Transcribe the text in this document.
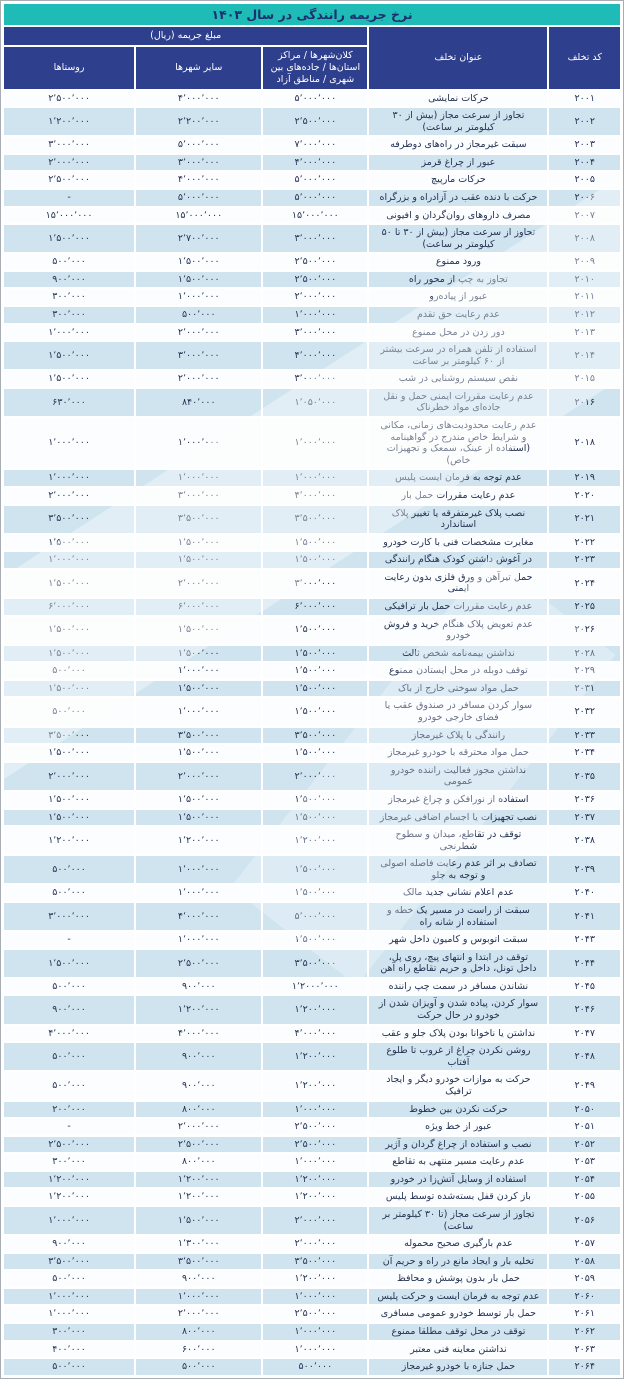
نرخ جریمه رانندگی در سال ۱۴۰۳				
کد تخلف	عنوان تخلف	مبلغ جریمه (ریال)		
		کلان‌شهرها / مراکز استان‌ها / جاده‌های بین شهری / مناطق آزاد	سایر شهرها	روستاها
۲۰۰۱	حرکات نمایشی	۵٬۰۰۰٬۰۰۰	۴٬۰۰۰٬۰۰۰	۲٬۵۰۰٬۰۰۰
۲۰۰۲	تجاوز از سرعت مجاز (بیش از ۳۰ کیلومتر بر ساعت)	۲٬۵۰۰٬۰۰۰	۲٬۲۰۰٬۰۰۰	۱٬۲۰۰٬۰۰۰
۲۰۰۳	سبقت غیرمجاز در راه‌های دوطرفه	۷٬۰۰۰٬۰۰۰	۵٬۰۰۰٬۰۰۰	۳٬۰۰۰٬۰۰۰
۲۰۰۴	عبور از چراغ قرمز	۴٬۰۰۰٬۰۰۰	۳٬۰۰۰٬۰۰۰	۲٬۰۰۰٬۰۰۰
۲۰۰۵	حرکات مارپیچ	۵٬۰۰۰٬۰۰۰	۴٬۰۰۰٬۰۰۰	۲٬۵۰۰٬۰۰۰
۲۰۰۶	حرکت با دنده عقب در آزادراه و بزرگراه	۵٬۰۰۰٬۰۰۰	۵٬۰۰۰٬۰۰۰	-
۲۰۰۷	مصرف داروهای روان‌گردان و افیونی	۱۵٬۰۰۰٬۰۰۰	۱۵٬۰۰۰٬۰۰۰	۱۵٬۰۰۰٬۰۰۰
۲۰۰۸	تجاوز از سرعت مجاز (بیش از ۳۰ تا ۵۰ کیلومتر بر ساعت)	۳٬۰۰۰٬۰۰۰	۲٬۷۰۰٬۰۰۰	۱٬۵۰۰٬۰۰۰
۲۰۰۹	ورود ممنوع	۲٬۵۰۰٬۰۰۰	۱٬۵۰۰٬۰۰۰	۵۰۰٬۰۰۰
۲۰۱۰	تجاوز به چپ از محور راه	۲٬۵۰۰٬۰۰۰	۱٬۵۰۰٬۰۰۰	۹۰۰٬۰۰۰
۲۰۱۱	عبور از پیاده‌رو	۲٬۰۰۰٬۰۰۰	۱٬۰۰۰٬۰۰۰	۳۰۰٬۰۰۰
۲۰۱۲	عدم رعایت حق تقدم	۱٬۰۰۰٬۰۰۰	۵۰۰٬۰۰۰	۳۰۰٬۰۰۰
۲۰۱۳	دور زدن در محل ممنوع	۳٬۰۰۰٬۰۰۰	۲٬۰۰۰٬۰۰۰	۱٬۰۰۰٬۰۰۰
۲۰۱۴	استفاده از تلفن همراه در سرعت بیشتر از ۶۰ کیلومتر بر ساعت	۴٬۰۰۰٬۰۰۰	۳٬۰۰۰٬۰۰۰	۱٬۵۰۰٬۰۰۰
۲۰۱۵	نقص سیستم روشنایی در شب	۳٬۰۰۰٬۰۰۰	۲٬۰۰۰٬۰۰۰	۱٬۵۰۰٬۰۰۰
۲۰۱۶	عدم رعایت مقررات ایمنی حمل و نقل جاده‌ای مواد خطرناک	۱٬۰۵۰٬۰۰۰	۸۴۰٬۰۰۰	۶۳۰٬۰۰۰
۲۰۱۸	عدم رعایت محدودیت‌های زمانی، مکانی و شرایط خاص مندرج در گواهینامه (استفاده از عینک، سمعک و تجهیزات خاص)	۱٬۰۰۰٬۰۰۰	۱٬۰۰۰٬۰۰۰	۱٬۰۰۰٬۰۰۰
۲۰۱۹	عدم توجه به فرمان ایست پلیس	۱٬۰۰۰٬۰۰۰	۱٬۰۰۰٬۰۰۰	۱٬۰۰۰٬۰۰۰
۲۰۲۰	عدم رعایت مقررات حمل بار	۴٬۰۰۰٬۰۰۰	۳٬۰۰۰٬۰۰۰	۲٬۰۰۰٬۰۰۰
۲۰۲۱	نصب پلاک غیرمتفرقه یا تغییر پلاک استاندارد	۳٬۵۰۰٬۰۰۰	۳٬۵۰۰٬۰۰۰	۳٬۵۰۰٬۰۰۰
۲۰۲۲	مغایرت مشخصات فنی با کارت خودرو	۱٬۵۰۰٬۰۰۰	۱٬۵۰۰٬۰۰۰	۱٬۵۰۰٬۰۰۰
۲۰۲۳	در آغوش داشتن کودک هنگام رانندگی	۱٬۵۰۰٬۰۰۰	۱٬۵۰۰٬۰۰۰	۱٬۰۰۰٬۰۰۰
۲۰۲۴	حمل تیرآهن و ورق فلزی بدون رعایت ایمنی	۳٬۰۰۰٬۰۰۰	۲٬۰۰۰٬۰۰۰	۱٬۵۰۰٬۰۰۰
۲۰۲۵	عدم رعایت مقررات حمل بار ترافیکی	۶٬۰۰۰٬۰۰۰	۶٬۰۰۰٬۰۰۰	۶٬۰۰۰٬۰۰۰
۲۰۲۶	عدم تعویض پلاک هنگام خرید و فروش خودرو	۱٬۵۰۰٬۰۰۰	۱٬۵۰۰٬۰۰۰	۱٬۵۰۰٬۰۰۰
۲۰۲۸	نداشتن بیمه‌نامه شخص ثالث	۱٬۵۰۰٬۰۰۰	۱٬۵۰۰٬۰۰۰	۱٬۵۰۰٬۰۰۰
۲۰۲۹	توقف دوبله در محل ایستادن ممنوع	۱٬۵۰۰٬۰۰۰	۱٬۰۰۰٬۰۰۰	۵۰۰٬۰۰۰
۲۰۳۱	حمل مواد سوختی خارج از باک	۱٬۵۰۰٬۰۰۰	۱٬۵۰۰٬۰۰۰	۱٬۵۰۰٬۰۰۰
۲۰۳۲	سوار کردن مسافر در صندوق عقب یا فضای خارجی خودرو	۱٬۵۰۰٬۰۰۰	۱٬۰۰۰٬۰۰۰	۵۰۰٬۰۰۰
۲۰۳۳	رانندگی با پلاک غیرمجاز	۳٬۵۰۰٬۰۰۰	۳٬۵۰۰٬۰۰۰	۳٬۵۰۰٬۰۰۰
۲۰۳۴	حمل مواد محترقه با خودرو غیرمجاز	۱٬۵۰۰٬۰۰۰	۱٬۵۰۰٬۰۰۰	۱٬۵۰۰٬۰۰۰
۲۰۳۵	نداشتن مجوز فعالیت راننده خودرو عمومی	۲٬۰۰۰٬۰۰۰	۲٬۰۰۰٬۰۰۰	۲٬۰۰۰٬۰۰۰
۲۰۳۶	استفاده از نورافکن و چراغ غیرمجاز	۱٬۵۰۰٬۰۰۰	۱٬۵۰۰٬۰۰۰	۱٬۵۰۰٬۰۰۰
۲۰۳۷	نصب تجهیزات یا اجسام اضافی غیرمجاز	۱٬۵۰۰٬۰۰۰	۱٬۵۰۰٬۰۰۰	۱٬۵۰۰٬۰۰۰
۲۰۳۸	توقف در تقاطع، میدان و سطوح شطرنجی	۱٬۲۰۰٬۰۰۰	۱٬۲۰۰٬۰۰۰	۱٬۲۰۰٬۰۰۰
۲۰۳۹	تصادف بر اثر عدم رعایت فاصله اصولی و توجه به جلو	۱٬۵۰۰٬۰۰۰	۱٬۰۰۰٬۰۰۰	۵۰۰٬۰۰۰
۲۰۴۰	عدم اعلام نشانی جدید مالک	۱٬۵۰۰٬۰۰۰	۱٬۰۰۰٬۰۰۰	۵۰۰٬۰۰۰
۲۰۴۱	سبقت از راست در مسیر یک خطه و استفاده از شانه راه	۵٬۰۰۰٬۰۰۰	۴٬۰۰۰٬۰۰۰	۳٬۰۰۰٬۰۰۰
۲۰۴۳	سبقت اتوبوس و کامیون داخل شهر	۱٬۵۰۰٬۰۰۰	۱٬۰۰۰٬۰۰۰	-
۲۰۴۴	توقف در ابتدا و انتهای پیچ، روی پل، داخل تونل، داخل و حریم تقاطع راه آهن	۳٬۵۰۰٬۰۰۰	۲٬۵۰۰٬۰۰۰	۱٬۵۰۰٬۰۰۰
۲۰۴۵	نشاندن مسافر در سمت چپ راننده	۱٬۲۰۰۰٬۰۰۰	۹۰۰٬۰۰۰	۵۰۰٬۰۰۰
۲۰۴۶	سوار کردن، پیاده شدن و آویزان شدن از خودرو در حال حرکت	۱٬۲۰۰٬۰۰۰	۱٬۲۰۰٬۰۰۰	۹۰۰٬۰۰۰
۲۰۴۷	نداشتن یا ناخوانا بودن پلاک جلو و عقب	۴٬۰۰۰٬۰۰۰	۴٬۰۰۰٬۰۰۰	۴٬۰۰۰٬۰۰۰
۲۰۴۸	روشن نکردن چراغ از غروب تا طلوع آفتاب	۱٬۲۰۰٬۰۰۰	۹۰۰٬۰۰۰	۵۰۰٬۰۰۰
۲۰۴۹	حرکت به موازات خودرو دیگر و ایجاد ترافیک	۱٬۲۰۰٬۰۰۰	۹۰۰٬۰۰۰	۵۰۰٬۰۰۰
۲۰۵۰	حرکت نکردن بین خطوط	۱٬۰۰۰٬۰۰۰	۸۰۰٬۰۰۰	۲۰۰٬۰۰۰
۲۰۵۱	عبور از خط ویژه	۲٬۵۰۰٬۰۰۰	۲٬۰۰۰٬۰۰۰	-
۲۰۵۲	نصب و استفاده از چراغ گردان و آژیر	۲٬۵۰۰٬۰۰۰	۲٬۵۰۰٬۰۰۰	۲٬۵۰۰٬۰۰۰
۲۰۵۳	عدم رعایت مسیر منتهی به تقاطع	۱٬۰۰۰٬۰۰۰	۸۰۰٬۰۰۰	۳۰۰٬۰۰۰
۲۰۵۴	استفاده از وسایل آتش‌زا در خودرو	۱٬۲۰۰٬۰۰۰	۱٬۲۰۰٬۰۰۰	۱٬۲۰۰٬۰۰۰
۲۰۵۵	باز کردن قفل بسته‌شده توسط پلیس	۱٬۲۰۰٬۰۰۰	۱٬۲۰۰٬۰۰۰	۱٬۲۰۰٬۰۰۰
۲۰۵۶	تجاوز از سرعت مجاز (تا ۳۰ کیلومتر بر ساعت)	۲٬۰۰۰٬۰۰۰	۱٬۵۰۰٬۰۰۰	۱٬۰۰۰٬۰۰۰
۲۰۵۷	عدم بارگیری صحیح محموله	۲٬۰۰۰٬۰۰۰	۱٬۳۰۰٬۰۰۰	۹۰۰٬۰۰۰
۲۰۵۸	تخلیه بار و ایجاد مانع در راه و حریم آن	۳٬۵۰۰٬۰۰۰	۳٬۵۰۰٬۰۰۰	۳٬۵۰۰٬۰۰۰
۲۰۵۹	حمل بار بدون پوشش و محافظ	۱٬۲۰۰٬۰۰۰	۹۰۰٬۰۰۰	۵۰۰٬۰۰۰
۲۰۶۰	عدم توجه به فرمان ایست و حرکت پلیس	۱٬۰۰۰٬۰۰۰	۱٬۰۰۰٬۰۰۰	۱٬۰۰۰٬۰۰۰
۲۰۶۱	حمل بار توسط خودرو عمومی مسافری	۲٬۵۰۰٬۰۰۰	۲٬۰۰۰٬۰۰۰	۱٬۰۰۰٬۰۰۰
۲۰۶۲	توقف در محل توقف مطلقا ممنوع	۱٬۰۰۰٬۰۰۰	۸۰۰٬۰۰۰	۳۰۰٬۰۰۰
۲۰۶۳	نداشتن معاینه فنی معتبر	۱٬۰۰۰٬۰۰۰	۶۰۰٬۰۰۰	۴۰۰٬۰۰۰
۲۰۶۴	حمل جنازه با خودرو غیرمجاز	۵۰۰٬۰۰۰	۵۰۰٬۰۰۰	۵۰۰٬۰۰۰
